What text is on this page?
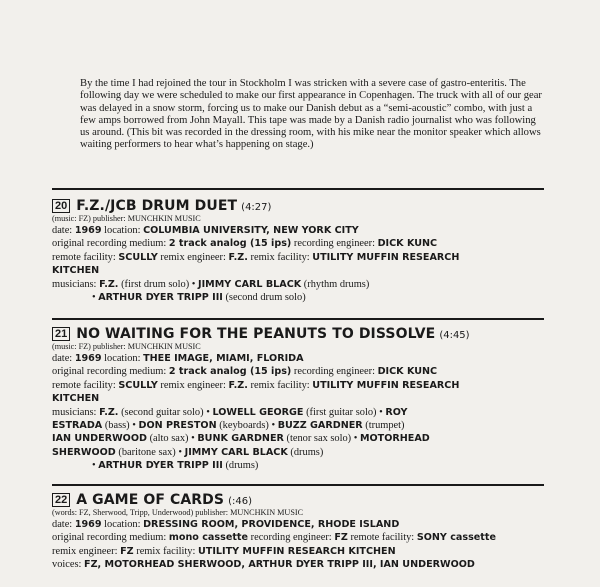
By the time I had rejoined the tour in Stockholm I was stricken with a severe case of gastro-enteritis. The following day we were scheduled to make our first appearance in Copenhagen. The truck with all of our gear was delayed in a snow storm, forcing us to make our Danish debut as a “semi-acoustic” combo, with just a few amps borrowed from John Mayall. This tape was made by a Danish radio journalist who was following us around. (This bit was recorded in the dressing room, with his mike near the monitor speaker which allows waiting performers to hear what’s happening on stage.)

20 F.Z./JCB DRUM DUET (4:27)
(music: FZ) publisher: MUNCHKIN MUSIC
date: 1969 location: COLUMBIA UNIVERSITY, NEW YORK CITY
original recording medium: 2 track analog (15 ips) recording engineer: DICK KUNC
remote facility: SCULLY remix engineer: F.Z. remix facility: UTILITY MUFFIN RESEARCH
KITCHEN
musicians: F.Z. (first drum solo) • JIMMY CARL BLACK (rhythm drums)
• ARTHUR DYER TRIPP III (second drum solo)
21 NO WAITING FOR THE PEANUTS TO DISSOLVE (4:45)
(music: FZ) publisher: MUNCHKIN MUSIC
date: 1969 location: THEE IMAGE, MIAMI, FLORIDA
original recording medium: 2 track analog (15 ips) recording engineer: DICK KUNC
remote facility: SCULLY remix engineer: F.Z. remix facility: UTILITY MUFFIN RESEARCH
KITCHEN
musicians: F.Z. (second guitar solo) • LOWELL GEORGE (first guitar solo) • ROY
ESTRADA (bass) • DON PRESTON (keyboards) • BUZZ GARDNER (trumpet)
IAN UNDERWOOD (alto sax) • BUNK GARDNER (tenor sax solo) • MOTORHEAD
SHERWOOD (baritone sax) • JIMMY CARL BLACK (drums)
• ARTHUR DYER TRIPP III (drums)
22 A GAME OF CARDS (:46)
(words: FZ, Sherwood, Tripp, Underwood) publisher: MUNCHKIN MUSIC
date: 1969 location: DRESSING ROOM, PROVIDENCE, RHODE ISLAND
original recording medium: mono cassette recording engineer: FZ remote facility: SONY cassette
remix engineer: FZ remix facility: UTILITY MUFFIN RESEARCH KITCHEN
voices: FZ, MOTORHEAD SHERWOOD, ARTHUR DYER TRIPP III, IAN UNDERWOOD
